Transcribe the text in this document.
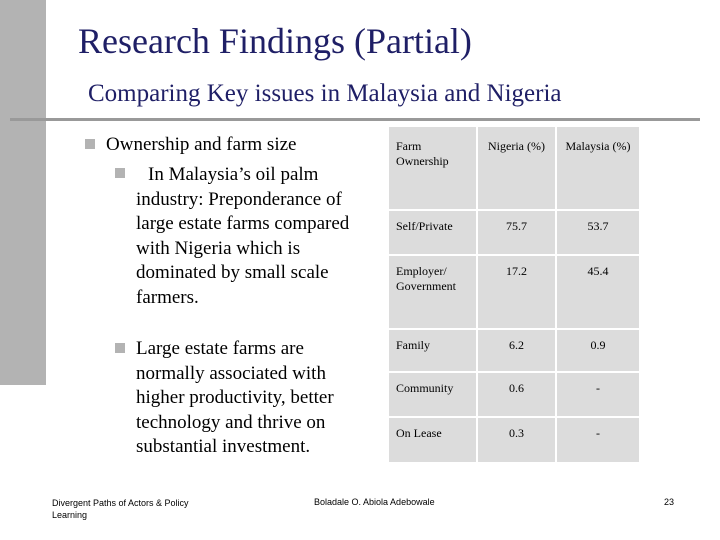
Research Findings (Partial)
Comparing Key issues in Malaysia and Nigeria
Ownership and farm size
In Malaysia’s oil palm industry: Preponderance of large estate farms compared with Nigeria which is dominated by small scale farmers.
Large estate farms are normally associated with higher productivity, better technology and thrive on substantial investment.
Farm Ownership	Nigeria (%)	Malaysia (%)
Self/Private	75.7	53.7
Employer/ Government	17.2	45.4
Family	6.2	0.9
Community	0.6	-
On Lease	0.3	-
Divergent Paths of Actors & Policy Learning
Boladale O. Abiola Adebowale	23
